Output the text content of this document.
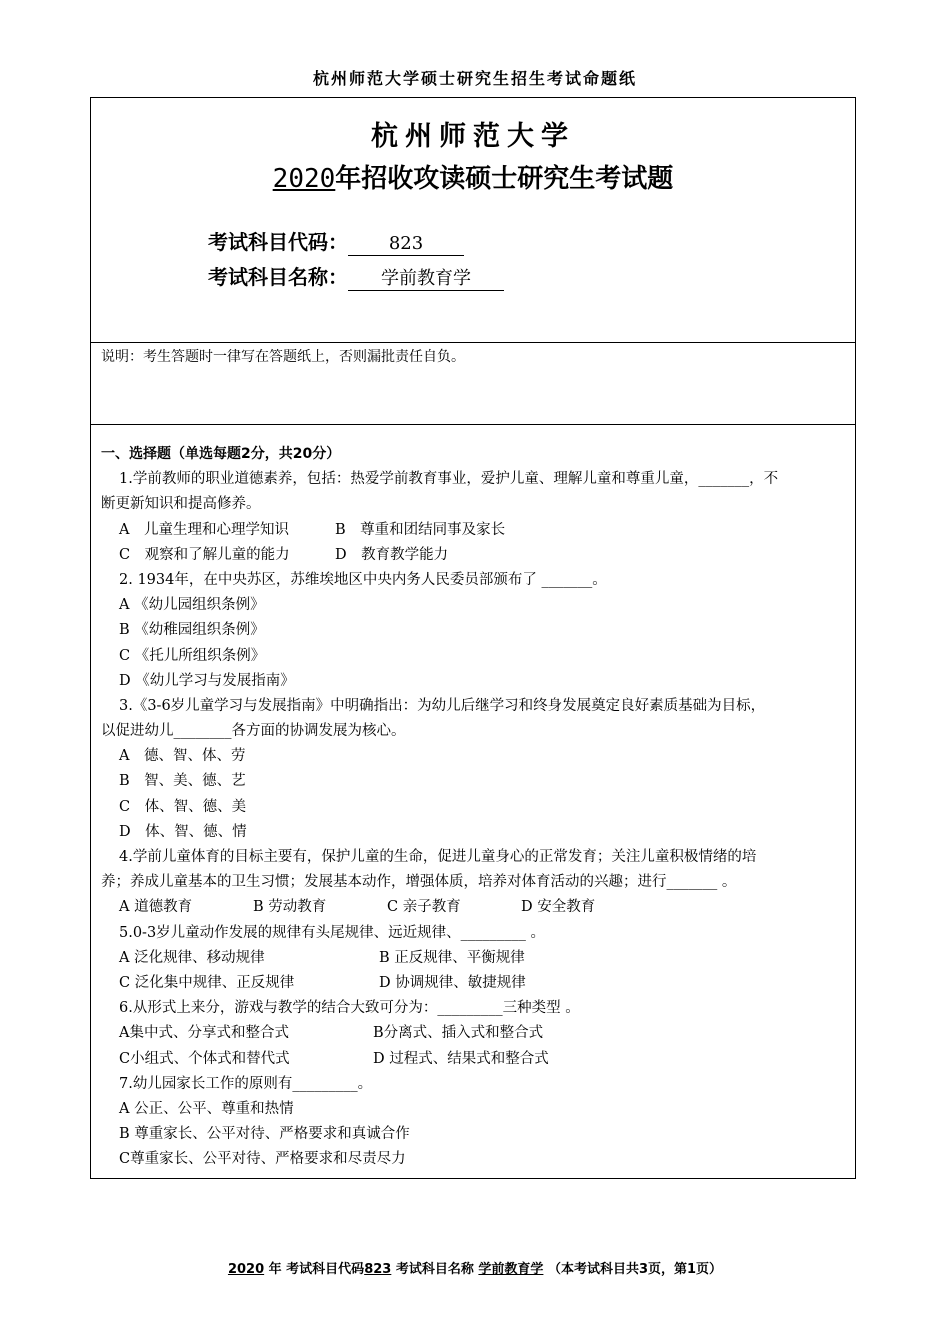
杭州师范大学硕士研究生招生考试命题纸
杭州师范大学
2020年招收攻读硕士研究生考试题
考试科目代码： 823
考试科目名称： 学前教育学
说明：考生答题时一律写在答题纸上，否则漏批责任自负。
一、选择题（单选每题2分，共20分）
1.学前教师的职业道德素养，包括：热爱学前教育事业，爱护儿童、理解儿童和尊重儿童，_______，不
断更新知识和提高修养。
A　儿童生理和心理学知识	B　尊重和团结同事及家长
C　观察和了解儿童的能力	D　教育教学能力
2. 1934年，在中央苏区，苏维埃地区中央内务人民委员部颁布了 _______。
A 《幼儿园组织条例》
B 《幼稚园组织条例》
C 《托儿所组织条例》
D 《幼儿学习与发展指南》
3.《3-6岁儿童学习与发展指南》中明确指出：为幼儿后继学习和终身发展奠定良好素质基础为目标，
以促进幼儿________各方面的协调发展为核心。
A　德、智、体、劳
B　智、美、德、艺
C　体、智、德、美
D　体、智、德、情
4.学前儿童体育的目标主要有，保护儿童的生命，促进儿童身心的正常发育；关注儿童积极情绪的培
养；养成儿童基本的卫生习惯；发展基本动作，增强体质，培养对体育活动的兴趣；进行_______ 。
A 道德教育	B 劳动教育	C 亲子教育	D 安全教育
5.0-3岁儿童动作发展的规律有头尾规律、远近规律、_________ 。
A 泛化规律、移动规律	B 正反规律、平衡规律
C 泛化集中规律、正反规律	D 协调规律、敏捷规律
6.从形式上来分，游戏与教学的结合大致可分为：_________三种类型 。
A集中式、分享式和整合式	B分离式、插入式和整合式
C小组式、个体式和替代式	D 过程式、结果式和整合式
7.幼儿园家长工作的原则有_________。
A 公正、公平、尊重和热情
B 尊重家长、公平对待、严格要求和真诚合作
C尊重家长、公平对待、严格要求和尽责尽力
2020 年 考试科目代码823 考试科目名称 学前教育学 （本考试科目共3页，第1页）
